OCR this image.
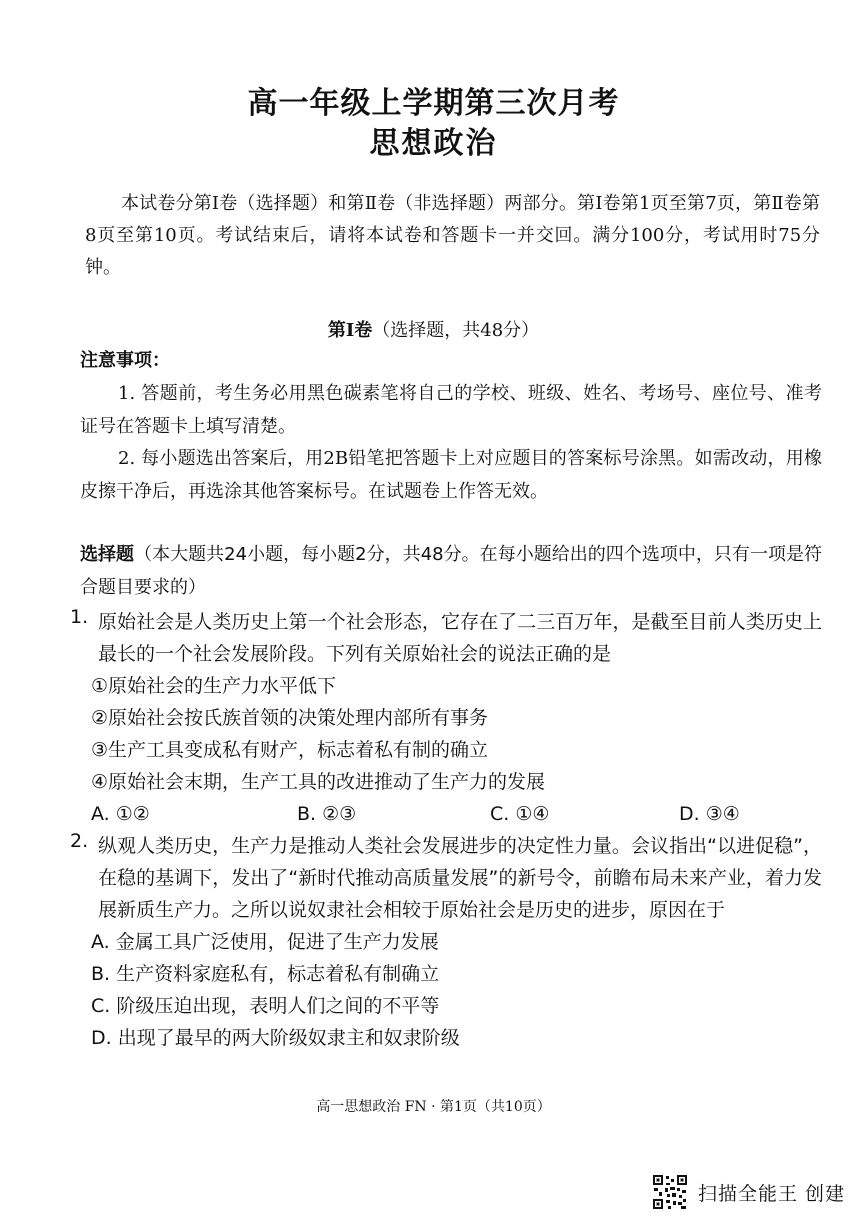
高一年级上学期第三次月考
思想政治
本试卷分第Ⅰ卷（选择题）和第Ⅱ卷（非选择题）两部分。第Ⅰ卷第1页至第7页，第Ⅱ卷第8页至第10页。考试结束后，请将本试卷和答题卡一并交回。满分100分，考试用时75分钟。
第Ⅰ卷（选择题，共48分）
注意事项：
1. 答题前，考生务必用黑色碳素笔将自己的学校、班级、姓名、考场号、座位号、准考证号在答题卡上填写清楚。
2. 每小题选出答案后，用2B铅笔把答题卡上对应题目的答案标号涂黑。如需改动，用橡皮擦干净后，再选涂其他答案标号。在试题卷上作答无效。
选择题（本大题共24小题，每小题2分，共48分。在每小题给出的四个选项中，只有一项是符合题目要求的）
1. 原始社会是人类历史上第一个社会形态，它存在了二三百万年，是截至目前人类历史上最长的一个社会发展阶段。下列有关原始社会的说法正确的是
①原始社会的生产力水平低下
②原始社会按氏族首领的决策处理内部所有事务
③生产工具变成私有财产，标志着私有制的确立
④原始社会末期，生产工具的改进推动了生产力的发展
A. ①②	B. ②③	C. ①④	D. ③④
2. 纵观人类历史，生产力是推动人类社会发展进步的决定性力量。会议指出“以进促稳”，在稳的基调下，发出了“新时代推动高质量发展”的新号令，前瞻布局未来产业，着力发展新质生产力。之所以说奴隶社会相较于原始社会是历史的进步，原因在于
A. 金属工具广泛使用，促进了生产力发展
B. 生产资料家庭私有，标志着私有制确立
C. 阶级压迫出现，表明人们之间的不平等
D. 出现了最早的两大阶级奴隶主和奴隶阶级
高一思想政治 FN · 第1页（共10页）
扫描全能王 创建
